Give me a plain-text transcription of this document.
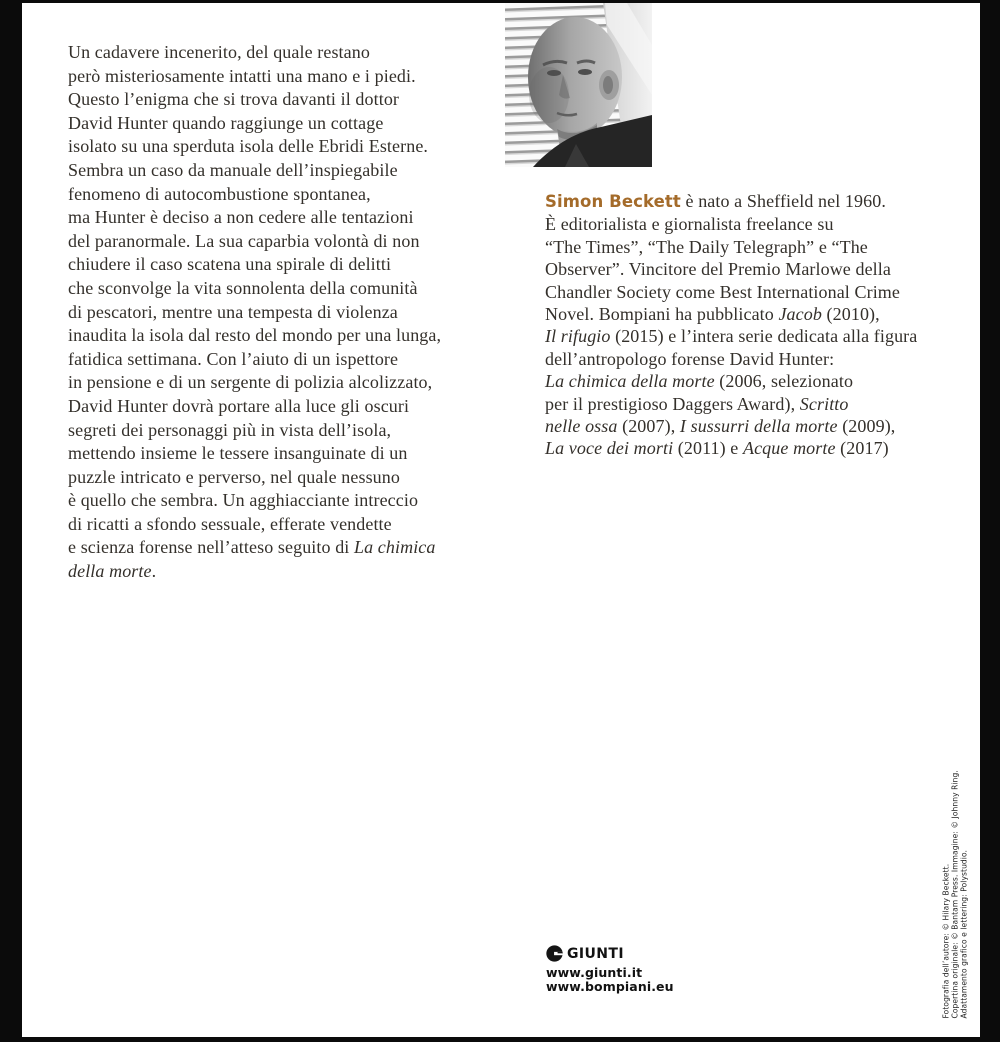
Un cadavere incenerito, del quale restano
però misteriosamente intatti una mano e i piedi.
Questo l’enigma che si trova davanti il dottor
David Hunter quando raggiunge un cottage
isolato su una sperduta isola delle Ebridi Esterne.
Sembra un caso da manuale dell’inspiegabile
fenomeno di autocombustione spontanea,
ma Hunter è deciso a non cedere alle tentazioni
del paranormale. La sua caparbia volontà di non
chiudere il caso scatena una spirale di delitti
che sconvolge la vita sonnolenta della comunità
di pescatori, mentre una tempesta di violenza
inaudita la isola dal resto del mondo per una lunga,
fatidica settimana. Con l’aiuto di un ispettore
in pensione e di un sergente di polizia alcolizzato,
David Hunter dovrà portare alla luce gli oscuri
segreti dei personaggi più in vista dell’isola,
mettendo insieme le tessere insanguinate di un
puzzle intricato e perverso, nel quale nessuno
è quello che sembra. Un agghiacciante intreccio
di ricatti a sfondo sessuale, efferate vendette
e scienza forense nell’atteso seguito di La chimica
della morte.
Simon Beckett è nato a Sheffield nel 1960.
È editorialista e giornalista freelance su
“The Times”, “The Daily Telegraph” e “The
Observer”. Vincitore del Premio Marlowe della
Chandler Society come Best International Crime
Novel. Bompiani ha pubblicato Jacob (2010),
Il rifugio (2015) e l’intera serie dedicata alla figura
dell’antropologo forense David Hunter:
La chimica della morte (2006, selezionato
per il prestigioso Daggers Award), Scritto
nelle ossa (2007), I sussurri della morte (2009),
La voce dei morti (2011) e Acque morte (2017)
GIUNTI
www.giunti.it
www.bompiani.eu	Fotografia dell’autore: © Hilary Beckett. Copertina originale: © Bantam Press. Immagine: © Johnny Ring. Adattamento grafico e lettering: Polystudio.
